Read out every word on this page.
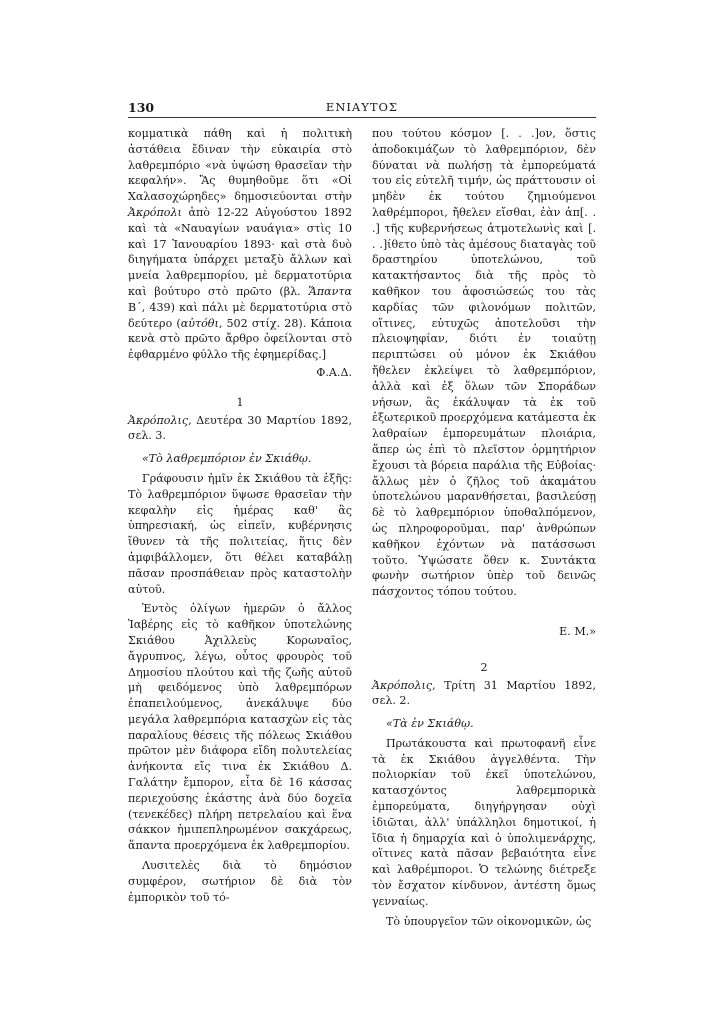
130	ΕΝΙΑΥΤΟΣ

κομματικὰ πάθη καὶ ἡ πολιτικὴ ἀστάθεια ἔδιναν τὴν εὐκαιρία στὸ λαθρεμπόριο «νὰ ὑψώση θρασεῖαν τὴν κεφαλήν». Ἂς θυμηθοῦμε ὅτι «Οἱ Χαλασοχώρηδες» δημοσιεύονται στὴν Ἀκρόπολι ἀπὸ 12-22 Αὐγούστου 1892 καὶ τὰ «Ναυαγίων ναυάγια» στὶς 10 καὶ 17 Ἰανουαρίου 1893· καὶ στὰ δυὸ διηγήματα ὑπάρχει μεταξὺ ἄλλων καὶ μνεία λαθρεμπορίου, μὲ δερματοτύρια καὶ βούτυρο στὸ πρῶτο (βλ. Ἅπαντα Β΄, 439) καὶ πάλι μὲ δερματοτύρια στὸ δεύτερο (αὐτόθι, 502 στίχ. 28). Κάποια κενὰ στὸ πρῶτο ἄρθρο ὀφείλονται στὸ ἐφθαρμένο φύλλο τῆς ἐφημερίδας.]

Φ.Α.Δ.

1

Ἀκρόπολις, Δευτέρα 30 Μαρτίου 1892, σελ. 3.

«Τὸ λαθρεμπόριον ἐν Σκιάθῳ.

Γράφουσιν ἡμῖν ἐκ Σκιάθου τὰ ἑξῆς: Τὸ λαθρεμπόριον ὕψωσε θρασεῖαν τὴν κεφαλὴν εἰς ἡμέρας καθ' ἃς ὑπηρεσιακή, ὡς εἰπεῖν, κυβέρνησις ἴθυνεν τὰ τῆς πολιτείας, ἥτις δὲν ἀμφιβάλλομεν, ὅτι θέλει καταβάλῃ πᾶσαν προσπάθειαν πρὸς καταστολὴν αὐτοῦ.

Ἐντὸς ὀλίγων ἡμερῶν ὁ ἄλλος Ἰαβέρης εἰς τὸ καθῆκον ὑποτελώνης Σκιάθου Ἀχιλλεὺς Κορωναῖος, ἄγρυπνος, λέγω, οὗτος φρουρὸς τοῦ Δημοσίου πλούτου καὶ τῆς ζωῆς αὐτοῦ μὴ φειδόμενος ὑπὸ λαθρεμπόρων ἐπαπειλούμενος, ἀνεκάλυψε δύο μεγάλα λαθρεμπόρια κατασχὼν εἰς τὰς παραλίους θέσεις τῆς πόλεως Σκιάθου πρῶτον μὲν διάφορα εἴδη πολυτελείας ἀνήκοντα εἴς τινα ἐκ Σκιάθου Δ. Γαλάτην ἔμπορον, εἶτα δὲ 16 κάσσας περιεχούσης ἑκάστης ἀνὰ δύο δοχεῖα (τενεκέδες) πλήρη πετρελαίου καὶ ἕνα σάκκον ἡμιπεπληρωμένον σακχάρεως, ἅπαντα προερχόμενα ἐκ λαθρεμπορίου.

Λυσιτελὲς διὰ τὸ δημόσιον συμφέρον, σωτήριον δὲ διὰ τὸν ἐμπορικὸν τοῦ τό-

που τούτου κόσμον [. . .]ον, ὅστις ἀποδοκιμάζων τὸ λαθρεμπόριον, δὲν δύναται νὰ πωλήσῃ τὰ ἐμπορεύματά του εἰς εὐτελῆ τιμήν, ὡς πράττουσιν οἱ μηδὲν ἐκ τούτου ζημιούμενοι λαθρέμποροι, ἤθελεν εἴσθαι, ἐὰν ἀπ[. . .] τῆς κυβερνήσεως ἀτμοτελωνὶς καὶ [. . .]ίθετο ὑπὸ τὰς ἀμέσους διαταγὰς τοῦ δραστηρίου ὑποτελώνου, τοῦ κατακτήσαντος διὰ τῆς πρὸς τὸ καθῆκον του ἀφοσιώσεώς του τὰς καρδίας τῶν φιλονόμων πολιτῶν, οἵτινες, εὐτυχῶς ἀποτελοῦσι τὴν πλειοψηφίαν, διότι ἐν τοιαύτῃ περιπτώσει οὐ μόνον ἐκ Σκιάθου ἤθελεν ἐκλείψει τὸ λαθρεμπόριον, ἀλλὰ καὶ ἐξ ὅλων τῶν Σποράδων νήσων, ἃς ἐκάλυψαν τὰ ἐκ τοῦ ἐξωτερικοῦ προερχόμενα κατάμεστα ἐκ λαθραίων ἐμπορευμάτων πλοιάρια, ἅπερ ὡς ἐπὶ τὸ πλεῖστον ὁρμητήριον ἔχουσι τὰ βόρεια παράλια τῆς Εὐβοίας· ἄλλως μὲν ὁ ζῆλος τοῦ ἀκαμάτου ὑποτελώνου μαρανθήσεται, βασιλεύσῃ δὲ τὸ λαθρεμπόριον ὑποθαλπόμενον, ὡς πληροφοροῦμαι, παρ' ἀνθρώπων καθῆκον ἐχόντων νὰ πατάσσωσι τοῦτο. Ὑψώσατε ὅθεν κ. Συντάκτα φωνὴν σωτήριον ὑπὲρ τοῦ δεινῶς πάσχοντος τόπου τούτου.

Ε. Μ.»

2

Ἀκρόπολις, Τρίτη 31 Μαρτίου 1892, σελ. 2.

«Τὰ ἐν Σκιάθῳ.

Πρωτάκουστα καὶ πρωτοφανῆ εἶνε τὰ ἐκ Σκιάθου ἀγγελθέντα. Τὴν πολιορκίαν τοῦ ἐκεῖ ὑποτελώνου, κατασχόντος λαθρεμπορικὰ ἐμπορεύματα, διηγήργησαν οὐχὶ ἰδιῶται, ἀλλ' ὑπάλληλοι δημοτικοί, ἡ ἴδια ἡ δημαρχία καὶ ὁ ὑπολιμενάρχης, οἵτινες κατὰ πᾶσαν βεβαιότητα εἶνε καὶ λαθρέμποροι. Ὁ τελώνης διέτρεξε τὸν ἔσχατον κίνδυνον, ἀντέστη ὅμως γενναίως.

Τὸ ὑπουργεῖον τῶν οἰκονομικῶν, ὡς
